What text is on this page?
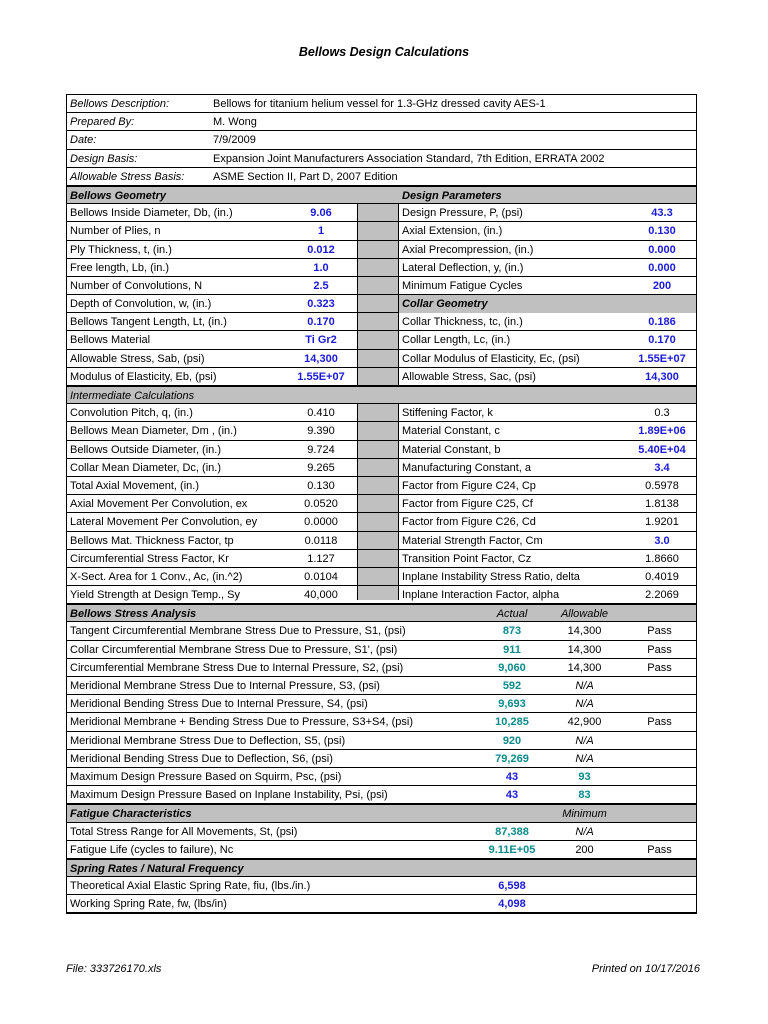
Bellows Design Calculations
Bellows Description:	Bellows for titanium helium vessel for 1.3-GHz dressed cavity AES-1
Prepared By:	M. Wong
Date:	7/9/2009
Design Basis:	Expansion Joint Manufacturers Association Standard, 7th Edition, ERRATA 2002
Allowable Stress Basis:	ASME Section II, Part D, 2007 Edition
Bellows Geometry	Design Parameters
Bellows Inside Diameter, Db, (in.)	9.06	Design Pressure, P, (psi)	43.3
Number of Plies, n	1	Axial Extension, (in.)	0.130
Ply Thickness, t, (in.)	0.012	Axial Precompression, (in.)	0.000
Free length, Lb, (in.)	1.0	Lateral Deflection, y, (in.)	0.000
Number of Convolutions, N	2.5	Minimum Fatigue Cycles	200
Depth of Convolution, w, (in.)	0.323	Collar Geometry
Bellows Tangent Length, Lt, (in.)	0.170	Collar Thickness, tc, (in.)	0.186
Bellows Material	Ti Gr2	Collar Length, Lc, (in.)	0.170
Allowable Stress, Sab, (psi)	14,300	Collar Modulus of Elasticity, Ec, (psi)	1.55E+07
Modulus of Elasticity, Eb, (psi)	1.55E+07	Allowable Stress, Sac, (psi)	14,300
Intermediate Calculations
Convolution Pitch, q, (in.)	0.410	Stiffening Factor, k	0.3
Bellows Mean Diameter, Dm , (in.)	9.390	Material Constant, c	1.89E+06
Bellows Outside Diameter, (in.)	9.724	Material Constant, b	5.40E+04
Collar Mean Diameter, Dc, (in.)	9.265	Manufacturing Constant, a	3.4
Total Axial Movement, (in.)	0.130	Factor from Figure C24, Cp	0.5978
Axial Movement Per Convolution, ex	0.0520	Factor from Figure C25, Cf	1.8138
Lateral Movement Per Convolution, ey	0.0000	Factor from Figure C26, Cd	1.9201
Bellows Mat. Thickness Factor, tp	0.0118	Material Strength Factor, Cm	3.0
Circumferential Stress Factor, Kr	1.127	Transition Point Factor, Cz	1.8660
X-Sect. Area for 1 Conv., Ac, (in.^2)	0.0104	Inplane Instability Stress Ratio, delta	0.4019
Yield Strength at Design Temp., Sy	40,000	Inplane Interaction Factor, alpha	2.2069
Bellows Stress Analysis	Actual	Allowable
Tangent Circumferential Membrane Stress Due to Pressure, S1, (psi)	873	14,300	Pass
Collar Circumferential Membrane Stress Due to Pressure, S1', (psi)	911	14,300	Pass
Circumferential Membrane Stress Due to Internal Pressure, S2, (psi)	9,060	14,300	Pass
Meridional Membrane Stress Due to Internal Pressure, S3, (psi)	592	N/A
Meridional Bending Stress Due to Internal Pressure, S4, (psi)	9,693	N/A
Meridional Membrane + Bending Stress Due to Pressure, S3+S4, (psi)	10,285	42,900	Pass
Meridional Membrane Stress Due to Deflection, S5, (psi)	920	N/A
Meridional Bending Stress Due to Deflection, S6, (psi)	79,269	N/A
Maximum Design Pressure Based on Squirm, Psc, (psi)	43	93
Maximum Design Pressure Based on Inplane Instability, Psi, (psi)	43	83
Fatigue Characteristics	Minimum
Total Stress Range for All Movements, St, (psi)	87,388	N/A
Fatigue Life (cycles to failure), Nc	9.11E+05	200	Pass
Spring Rates / Natural Frequency
Theoretical Axial Elastic Spring Rate, fiu, (lbs./in.)	6,598
Working Spring Rate, fw, (lbs/in)	4,098
File: 333726170.xls	Printed on 10/17/2016
